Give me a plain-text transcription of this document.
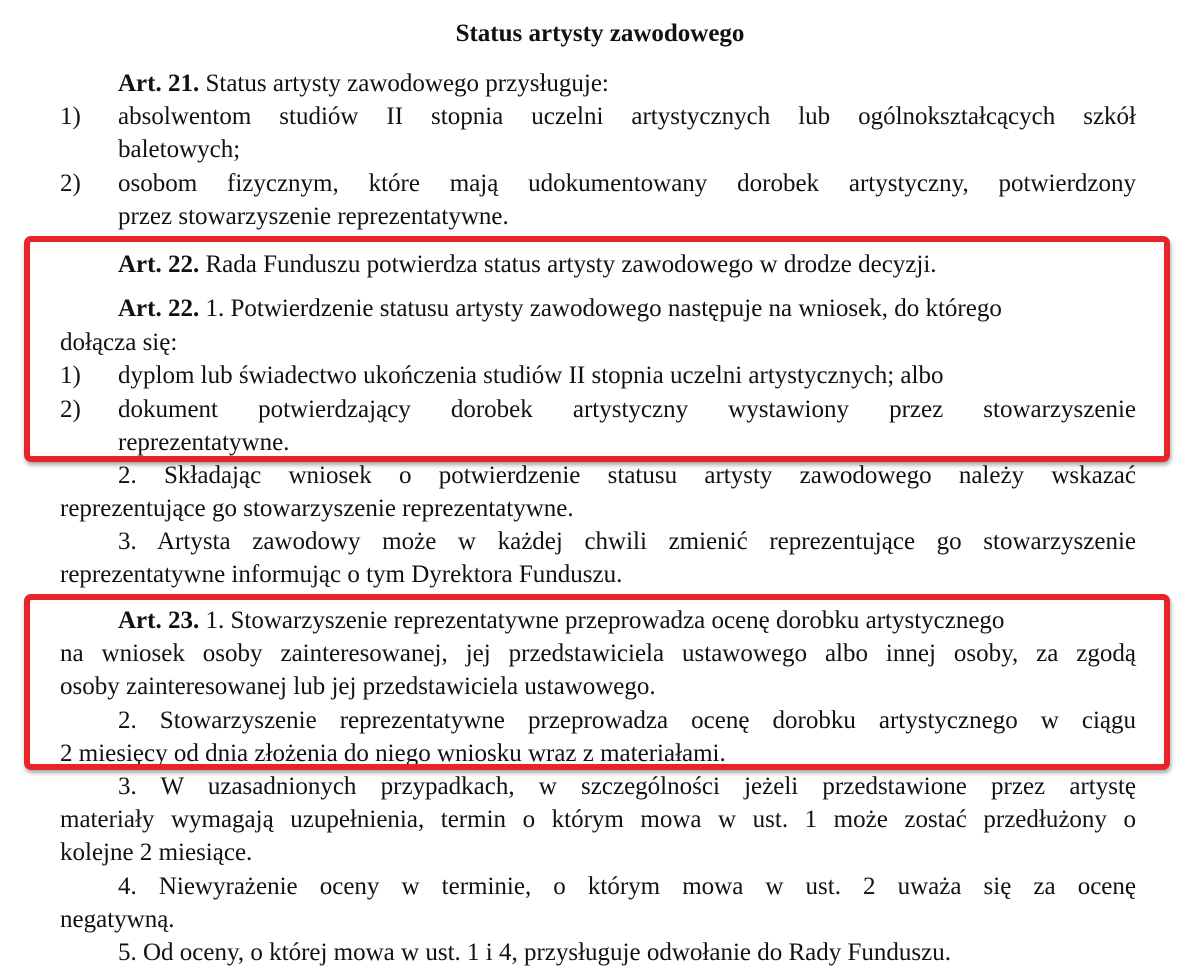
Status artysty zawodowego
Art. 21. Status artysty zawodowego przysługuje:
1) absolwentom studiów II stopnia uczelni artystycznych lub ogólnokształcących szkół
baletowych;
2) osobom fizycznym, które mają udokumentowany dorobek artystyczny, potwierdzony
przez stowarzyszenie reprezentatywne.
Art. 22. Rada Funduszu potwierdza status artysty zawodowego w drodze decyzji.
Art. 22. 1. Potwierdzenie statusu artysty zawodowego następuje na wniosek, do którego
dołącza się:
1) dyplom lub świadectwo ukończenia studiów II stopnia uczelni artystycznych; albo
2) dokument potwierdzający dorobek artystyczny wystawiony przez stowarzyszenie
reprezentatywne.
2. Składając wniosek o potwierdzenie statusu artysty zawodowego należy wskazać
reprezentujące go stowarzyszenie reprezentatywne.
3. Artysta zawodowy może w każdej chwili zmienić reprezentujące go stowarzyszenie
reprezentatywne informując o tym Dyrektora Funduszu.
Art. 23. 1. Stowarzyszenie reprezentatywne przeprowadza ocenę dorobku artystycznego
na wniosek osoby zainteresowanej, jej przedstawiciela ustawowego albo innej osoby, za zgodą
osoby zainteresowanej lub jej przedstawiciela ustawowego.
2. Stowarzyszenie reprezentatywne przeprowadza ocenę dorobku artystycznego w ciągu
2 miesięcy od dnia złożenia do niego wniosku wraz z materiałami.
3. W uzasadnionych przypadkach, w szczególności jeżeli przedstawione przez artystę
materiały wymagają uzupełnienia, termin o którym mowa w ust. 1 może zostać przedłużony o
kolejne 2 miesiące.
4. Niewyrażenie oceny w terminie, o którym mowa w ust. 2 uważa się za ocenę
negatywną.
5. Od oceny, o której mowa w ust. 1 i 4, przysługuje odwołanie do Rady Funduszu.
